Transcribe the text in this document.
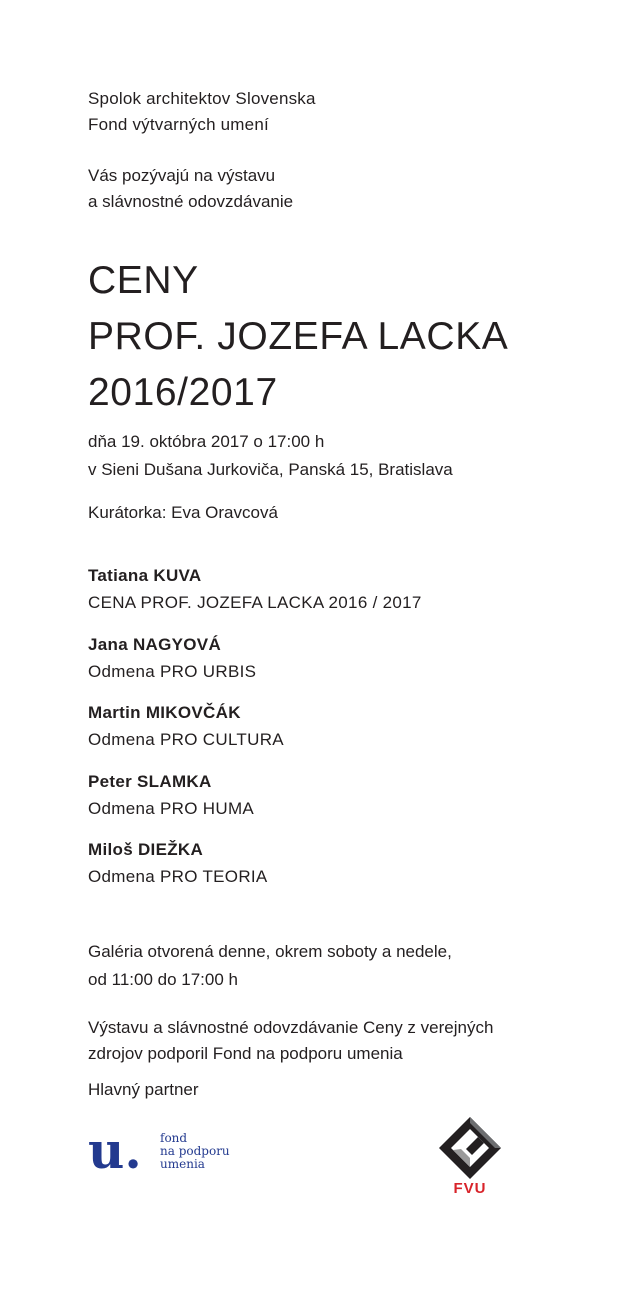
Spolok architektov Slovenska
Fond výtvarných umení
Vás pozývajú na výstavu
a slávnostné odovzdávanie
CENY
PROF. JOZEFA LACKA
2016/2017
dňa 19. októbra 2017 o 17:00 h
v Sieni Dušana Jurkoviča, Panská 15, Bratislava
Kurátorka: Eva Oravcová
Tatiana KUVA
CENA PROF. JOZEFA LACKA 2016 / 2017
Jana NAGYOVÁ
Odmena PRO URBIS
Martin MIKOVČÁK
Odmena PRO CULTURA
Peter SLAMKA
Odmena PRO HUMA
Miloš DIEŽKA
Odmena PRO TEORIA
Galéria otvorená denne, okrem soboty a nedele,
od 11:00 do 17:00 h
Výstavu a slávnostné odovzdávanie Ceny z verejných
zdrojov podporil Fond na podporu umenia
Hlavný partner
u. fond
na podporu
umenia
FVU
